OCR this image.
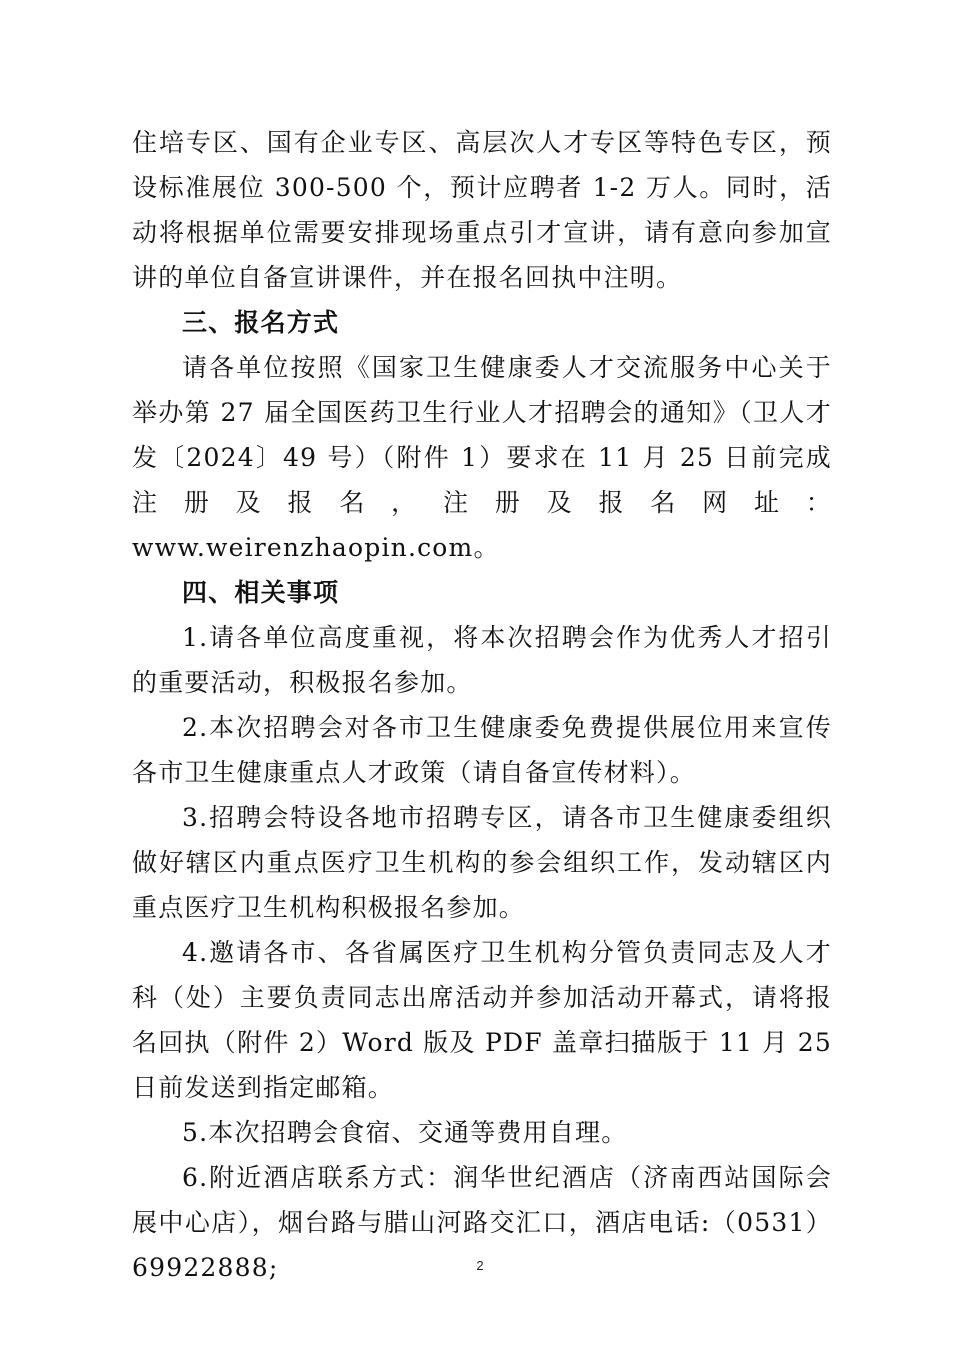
住培专区、国有企业专区、高层次人才专区等特色专区，预设标准展位 300-500 个，预计应聘者 1-2 万人。同时，活动将根据单位需要安排现场重点引才宣讲，请有意向参加宣讲的单位自备宣讲课件，并在报名回执中注明。

三、报名方式

请各单位按照《国家卫生健康委人才交流服务中心关于举办第 27 届全国医药卫生行业人才招聘会的通知》（卫人才发〔2024〕49 号）（附件 1）要求在 11 月 25 日前完成注册及报名，注册及报名网址：www.weirenzhaopin.com。

四、相关事项

1.请各单位高度重视，将本次招聘会作为优秀人才招引的重要活动，积极报名参加。

2.本次招聘会对各市卫生健康委免费提供展位用来宣传各市卫生健康重点人才政策（请自备宣传材料）。

3.招聘会特设各地市招聘专区，请各市卫生健康委组织做好辖区内重点医疗卫生机构的参会组织工作，发动辖区内重点医疗卫生机构积极报名参加。

4.邀请各市、各省属医疗卫生机构分管负责同志及人才科（处）主要负责同志出席活动并参加活动开幕式，请将报名回执（附件 2）Word 版及 PDF 盖章扫描版于 11 月 25 日前发送到指定邮箱。

5.本次招聘会食宿、交通等费用自理。

6.附近酒店联系方式：润华世纪酒店（济南西站国际会展中心店），烟台路与腊山河路交汇口，酒店电话:（0531）69922888;	2
